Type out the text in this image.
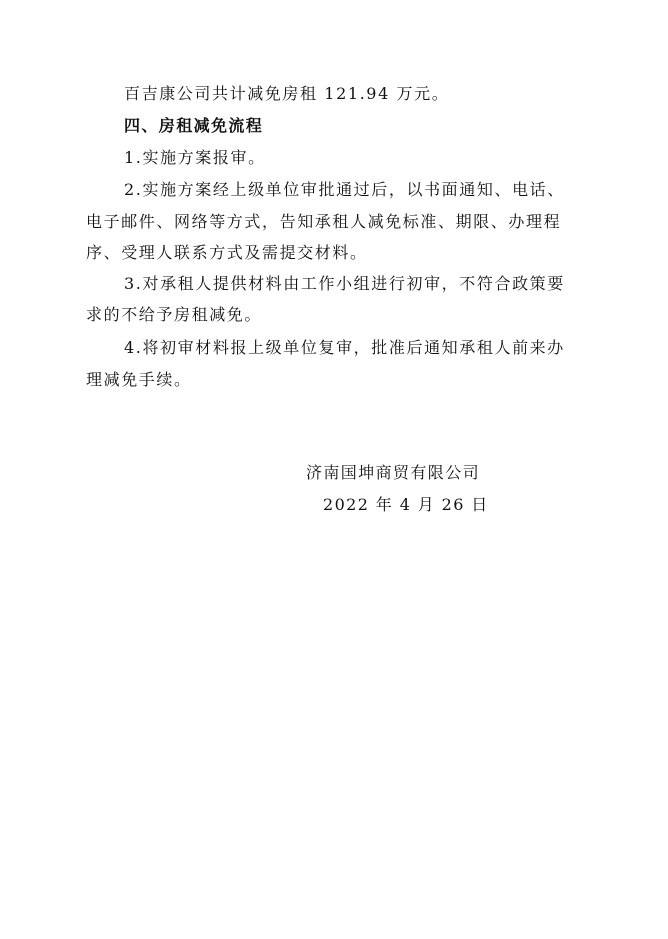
百吉康公司共计减免房租 121.94 万元。

四、房租减免流程

1.实施方案报审。

2.实施方案经上级单位审批通过后，以书面通知、电话、

电子邮件、网络等方式，告知承租人减免标准、期限、办理程

序、受理人联系方式及需提交材料。

3.对承租人提供材料由工作小组进行初审，不符合政策要

求的不给予房租减免。

4.将初审材料报上级单位复审，批准后通知承租人前来办

理减免手续。

济南国坤商贸有限公司

2022 年 4 月 26 日
